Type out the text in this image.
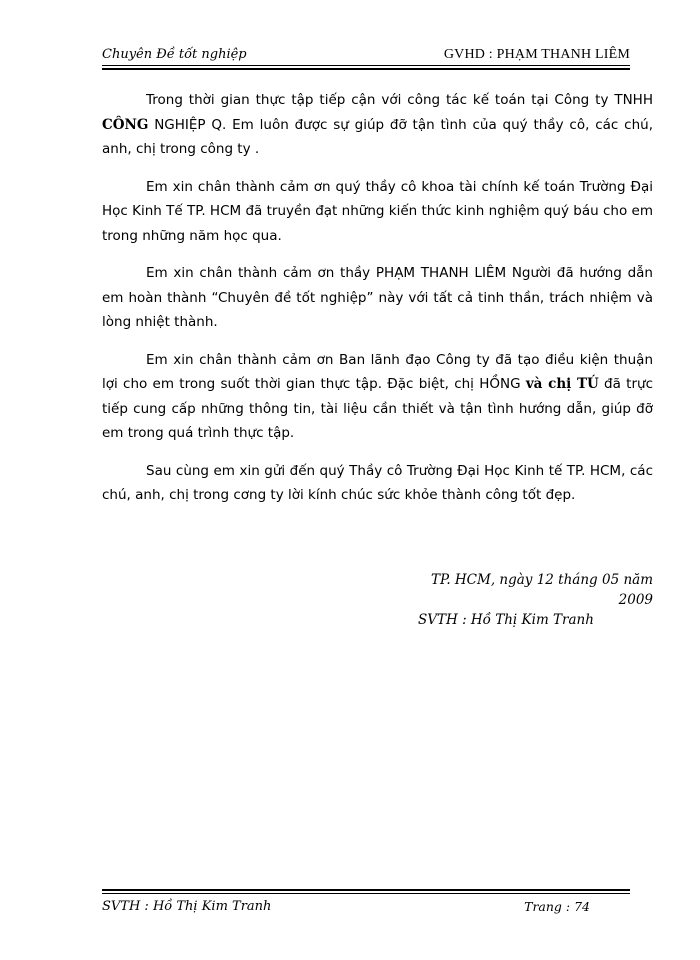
Chuyên Đề tốt nghiệp	GVHD : PHẠM THANH LIÊM

Trong thời gian thực tập tiếp cận với công tác kế toán tại Công ty TNHH CÔNG NGHIỆP Q. Em luôn được sự giúp đỡ tận tình của quý thầy cô, các chú, anh, chị trong công ty .

Em xin chân thành cảm ơn quý thầy cô khoa tài chính kế toán Trường Đại Học Kinh Tế TP. HCM đã truyền đạt những kiến thức kinh nghiệm quý báu cho em trong những năm học qua.

Em xin chân thành cảm ơn thầy PHẠM THANH LIÊM Người đã hướng dẫn em hoàn thành “Chuyên đề tốt nghiệp” này với tất cả tinh thần, trách nhiệm và lòng nhiệt thành.

Em xin chân thành cảm ơn Ban lãnh đạo Công ty đã tạo điều kiện thuận lợi cho em trong suốt thời gian thực tập. Đặc biệt, chị HỒNG và chị TÚ đã trực tiếp cung cấp những thông tin, tài liệu cần thiết và tận tình hướng dẫn, giúp đỡ em trong quá trình thực tập.

Sau cùng em xin gửi đến quý Thầy cô Trường Đại Học Kinh tế TP. HCM, các chú, anh, chị trong cơng ty lời kính chúc sức khỏe thành công tốt đẹp.

TP. HCM, ngày 12 tháng 05 năm 2009
SVTH : Hồ Thị Kim Tranh
SVTH : Hồ Thị Kim Tranh	Trang : 74
